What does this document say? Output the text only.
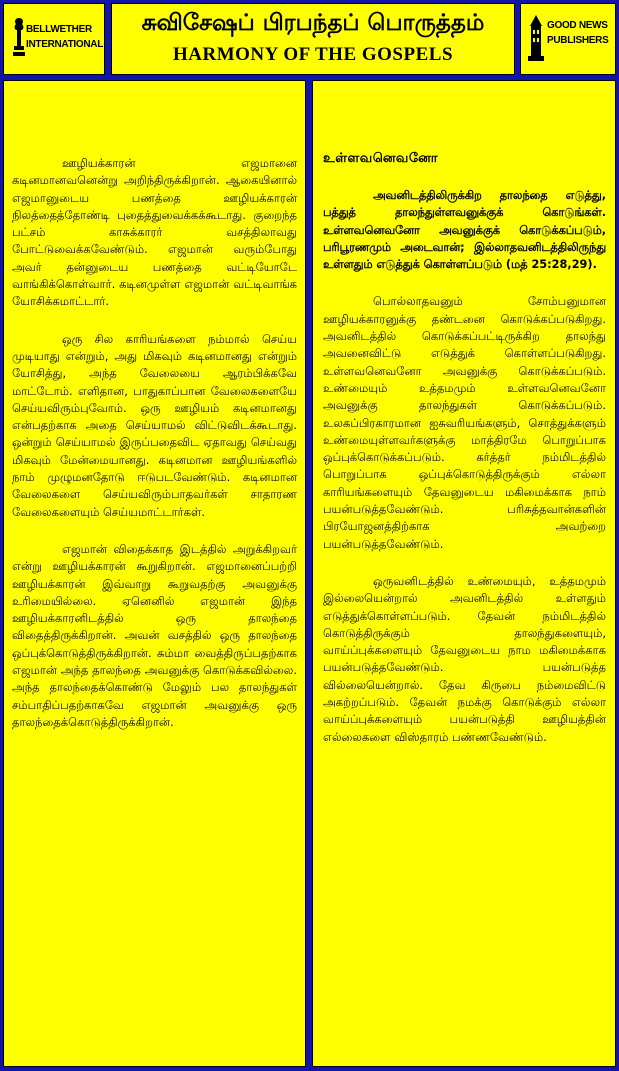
BELLWETHER
INTERNATIONAL
சுவிசேஷப் பிரபந்தப் பொருத்தம்
HARMONY OF THE GOSPELS
GOOD NEWS
PUBLISHERS

ஊழியக்காரன் எஜமானை கடினமானவனென்று அறிந்திருக்கிறான். ஆகையினால் எஜமானுடைய பணத்தை ஊழியக்காரன் நிலத்தைத்தோண்டி புதைத்துவைக்கக்கூடாது. குறைந்த பட்சம் காசுக்காரர் வசத்திலாவது போட்டுவைக்கவேண்டும். எஜமான் வரும்போது அவர் தன்னுடைய பணத்தை வட்டியோடே வாங்கிக்கொள்வார். கடினமுள்ள எஜமான் வட்டிவாங்க யோசிக்கமாட்டார்.

ஒரு சில காரியங்களை நம்மால் செய்ய முடியாது என்றும், அது மிகவும் கடினமானது என்றும் யோசித்து, அந்த வேலையை ஆரம்பிக்கவே மாட்டோம். எளிதான, பாதுகாப்பான வேலைகளையே செய்யவிரும்புவோம். ஒரு ஊழியம் கடினமானது என்பதற்காக அதை செய்யாமல் விட்டுவிடக்கூடாது. ஒன்றும் செய்யாமல் இருப்பதைவிட ஏதாவது செய்வது மிகவும் மேன்மையானது. கடினமான ஊழியங்களில் நாம் முழுமனதோடு ஈடுபடவேண்டும். கடினமான வேலைகளை செய்யவிரும்பாதவர்கள் சாதாரண வேலைகளையும் செய்யமாட்டார்கள்.

எஜமான் விதைக்காத இடத்தில் அறுக்கிறவர் என்று ஊழியக்காரன் கூறுகிறான். எஜமானைப்பற்றி ஊழியக்காரன் இவ்வாறு கூறுவதற்கு அவனுக்கு உரிமையில்லை. ஏனெனில் எஜமான் இந்த ஊழியக்காரனிடத்தில் ஒரு தாலந்தை விதைத்திருக்கிறான். அவன் வசத்தில் ஒரு தாலந்தை ஒப்புக்கொடுத்திருக்கிறான். சும்மா வைத்திருப்பதற்காக எஜமான் அந்த தாலந்தை அவனுக்கு கொடுக்கவில்லை. அந்த தாலந்தைக்கொண்டு மேலும் பல தாலந்துகள் சம்பாதிப்பதற்காகவே எஜமான் அவனுக்கு ஒரு தாலந்தைக்கொடுத்திருக்கிறான்.

உள்ளவனெவனோ

அவனிடத்திலிருக்கிற தாலந்தை எடுத்து, பத்துத் தாலந்துள்ளவனுக்குக் கொடுங்கள். உள்ளவனெவனோ அவனுக்குக் கொடுக்கப்படும், பரிபூரணமும் அடைவான்; இல்லாதவனிடத்திலிருந்து உள்ளதும் எடுத்துக் கொள்ளப்படும் (மத் 25:28,29).

பொல்லாதவனும் சோம்பனுமான ஊழியக்காரனுக்கு தண்டனை கொடுக்கப்படுகிறது. அவனிடத்தில் கொடுக்கப்பட்டிருக்கிற தாலந்து அவனைவிட்டு எடுத்துக் கொள்ளப்படுகிறது. உள்ளவனெவனோ அவனுக்கு கொடுக்கப்படும். உண்மையும் உத்தமமும் உள்ளவனெவனோ அவனுக்கு தாலந்துகள் கொடுக்கப்படும். உலகப்பிரகாரமான ஐசுவரியங்களும், சொத்துக்களும் உண்மையுள்ளவர்களுக்கு மாத்திரமே பொறுப்பாக ஒப்புக்கொடுக்கப்படும். கர்த்தர் நம்மிடத்தில் பொறுப்பாக ஒப்புக்கொடுத்திருக்கும் எல்லா காரியங்களையும் தேவனுடைய மகிமைக்காக நாம் பயன்படுத்தவேண்டும். பரிசுத்தவான்களின் பிரயோஜனத்திற்காக அவற்றை பயன்படுத்தவேண்டும்.

ஒருவனிடத்தில் உண்மையும், உத்தமமும் இல்லையென்றால் அவனிடத்தில் உள்ளதும் எடுத்துக்கொள்ளப்படும். தேவன் நம்மிடத்தில் கொடுத்திருக்கும் தாலந்துகளையும், வாய்ப்புக்களையும் தேவனுடைய நாம மகிமைக்காக பயன்படுத்தவேண்டும். பயன்படுத்த வில்லையென்றால். தேவ கிருபை நம்மைவிட்டு அகற்றப்படும். தேவன் நமக்கு கொடுக்கும் எல்லா வாய்ப்புக்களையும் பயன்படுத்தி ஊழியத்தின் எல்லைகளை விஸ்தாரம் பண்ணவேண்டும்.
